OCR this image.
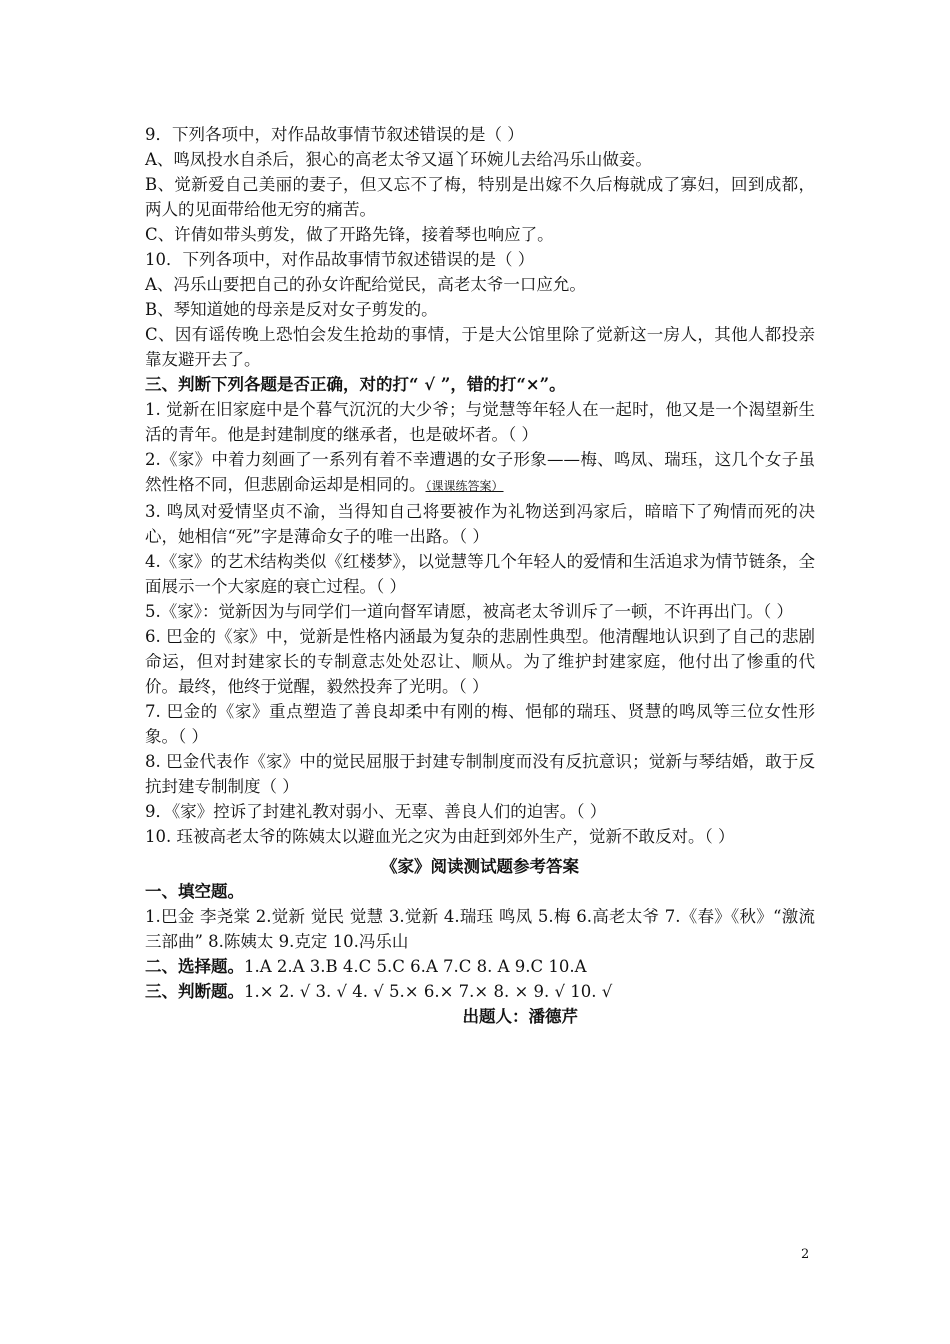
9．下列各项中，对作品故事情节叙述错误的是（ ）
A、鸣凤投水自杀后，狠心的高老太爷又逼丫环婉儿去给冯乐山做妾。
B、觉新爱自己美丽的妻子，但又忘不了梅，特别是出嫁不久后梅就成了寡妇，回到成都，两人的见面带给他无穷的痛苦。
C、许倩如带头剪发，做了开路先锋，接着琴也响应了。
10．下列各项中，对作品故事情节叙述错误的是（ ）
A、冯乐山要把自己的孙女许配给觉民，高老太爷一口应允。
B、琴知道她的母亲是反对女子剪发的。
C、因有谣传晚上恐怕会发生抢劫的事情，于是大公馆里除了觉新这一房人，其他人都投亲靠友避开去了。
三、判断下列各题是否正确，对的打“ √ ”，错的打“×”。
1. 觉新在旧家庭中是个暮气沉沉的大少爷；与觉慧等年轻人在一起时，他又是一个渴望新生活的青年。他是封建制度的继承者，也是破坏者。（ ）
2.《家》中着力刻画了一系列有着不幸遭遇的女子形象——梅、鸣凤、瑞珏，这几个女子虽然性格不同，但悲剧命运却是相同的。（课课练答案）
3. 鸣凤对爱情坚贞不渝，当得知自己将要被作为礼物送到冯家后，暗暗下了殉情而死的决心，她相信“死”字是薄命女子的唯一出路。（ ）
4.《家》的艺术结构类似《红楼梦》，以觉慧等几个年轻人的爱情和生活追求为情节链条，全面展示一个大家庭的衰亡过程。（ ）
5.《家》：觉新因为与同学们一道向督军请愿，被高老太爷训斥了一顿，不许再出门。（ ）
6. 巴金的《家》中，觉新是性格内涵最为复杂的悲剧性典型。他清醒地认识到了自己的悲剧命运，但对封建家长的专制意志处处忍让、顺从。为了维护封建家庭，他付出了惨重的代价。最终，他终于觉醒，毅然投奔了光明。（ ）
7. 巴金的《家》重点塑造了善良却柔中有刚的梅、悒郁的瑞珏、贤慧的鸣凤等三位女性形象。（ ）
8. 巴金代表作《家》中的觉民屈服于封建专制制度而没有反抗意识；觉新与琴结婚，敢于反抗封建专制制度（ ）
9．《家》控诉了封建礼教对弱小、无辜、善良人们的迫害。（ ）
10. 珏被高老太爷的陈姨太以避血光之灾为由赶到郊外生产，觉新不敢反对。（ ）
《家》阅读测试题参考答案
一、填空题。
1.巴金 李尧棠 2.觉新 觉民 觉慧 3.觉新 4.瑞珏 鸣凤 5.梅 6.高老太爷 7.《春》《秋》“激流三部曲” 8.陈姨太 9.克定 10.冯乐山
二、选择题。1.A 2.A 3.B 4.C 5.C 6.A 7.C 8. A 9.C 10.A
三、判断题。1.× 2. √ 3. √ 4. √ 5.× 6.× 7.× 8. × 9. √ 10. √
出题人：潘德芹
2
